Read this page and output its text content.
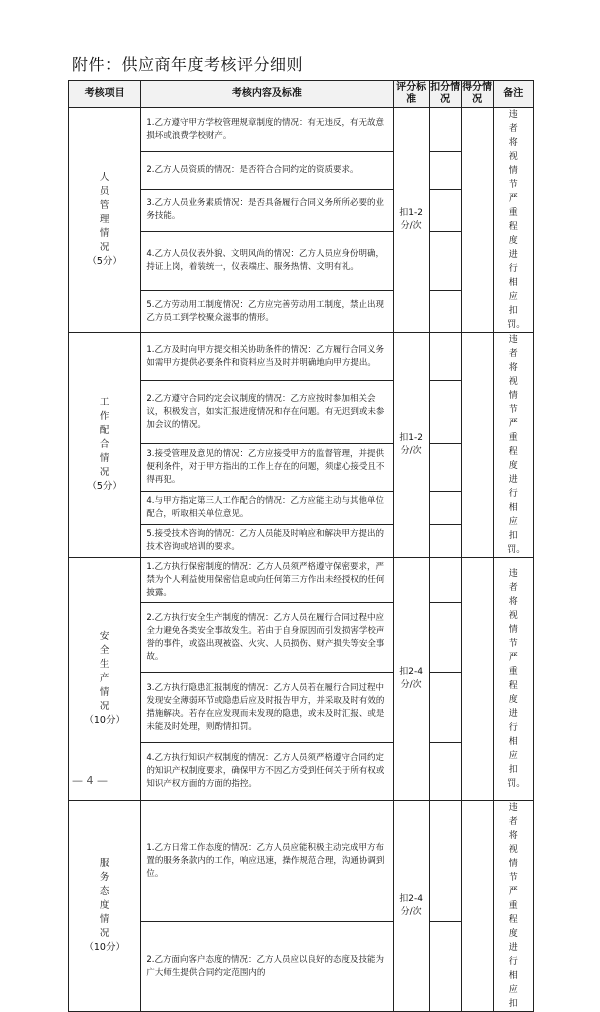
附件：供应商年度考核评分细则
考核项目	考核内容及标准	评分标准	扣分情况	得分情况	备注

人员管理情况
（5分）	1.乙方遵守甲方学校管理规章制度的情况：有无违反，有无故意损坏或浪费学校财产。	扣1-2分/次			违者将视情节严重程度进行相应扣罚。

	2.乙方人员资质的情况：是否符合合同约定的资质要求。				
	3.乙方人员业务素质情况：是否具备履行合同义务所所必要的业务技能。				
	4.乙方人员仪表外貌、文明风尚的情况：乙方人员应身份明确，持证上岗，着装统一，仪表端庄、服务热情、文明有礼。				
	5.乙方劳动用工制度情况：乙方应完善劳动用工制度，禁止出现乙方员工到学校聚众滋事的情形。				

工作配合情况
（5分）	1.乙方及时向甲方提交相关协助条件的情况：乙方履行合同义务如需甲方提供必要条件和资料应当及时并明确地向甲方提出。	扣1-2分/次			违者将视情节严重程度进行相应扣罚。

	2.乙方遵守合同约定会议制度的情况：乙方应按时参加相关会议，积极发言，如实汇报进度情况和存在问题。有无迟到或未参加会议的情况。				
	3.接受管理及意见的情况：乙方应接受甲方的监督管理，并提供便利条件，对于甲方指出的工作上存在的问题，须虚心接受且不得再犯。				
	4.与甲方指定第三人工作配合的情况：乙方应能主动与其他单位配合，听取相关单位意见。				
	5.接受技术咨询的情况：乙方人员能及时响应和解决甲方提出的技术咨询或培训的要求。				

安全生产情况
（10分）	1.乙方执行保密制度的情况：乙方人员须严格遵守保密要求，严禁为个人利益使用保密信息或向任何第三方作出未经授权的任何披露。	扣2-4分/次			违者将视情节严重程度进行相应扣罚。

	2.乙方执行安全生产制度的情况：乙方人员在履行合同过程中应全力避免各类安全事故发生。若由于自身原因而引发损害学校声誉的事件，或盗出现被盗、火灾、人员损伤、财产损失等安全事故。				
	3.乙方执行隐患汇报制度的情况：乙方人员若在履行合同过程中发现安全薄弱环节或隐患后应及时报告甲方，并采取及时有效的措施解决。若存在应发现而未发现的隐患，或未及时汇报、或是未能及时处理，则酌情扣罚。				
	4.乙方执行知识产权制度的情况：乙方人员须严格遵守合同约定的知识产权制度要求，确保甲方不因乙方受到任何关于所有权或知识产权方面的方面的指控。				

服务态度情况
（10分）	1.乙方日常工作态度的情况：乙方人员应能积极主动完成甲方布置的服务条款内的工作，响应迅速，操作规范合理，沟通协调到位。	扣2-4分/次			违者将视情节严重程度进行相应扣

	2.乙方面向客户态度的情况：乙方人员应以良好的态度及技能为广大师生提供合同约定范围内的				
— 4 —
